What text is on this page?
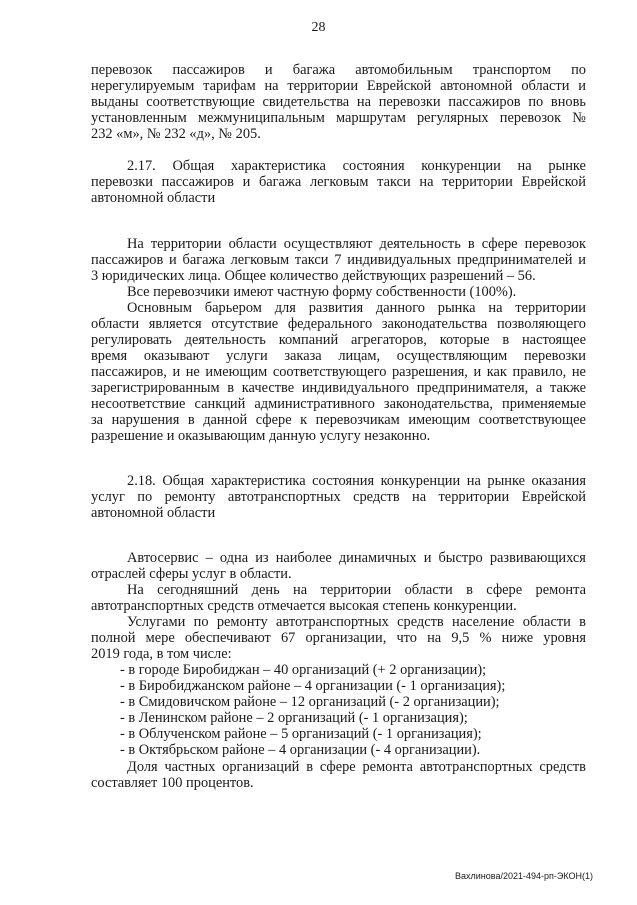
28
перевозок пассажиров и багажа автомобильным транспортом по
нерегулируемым тарифам на территории Еврейской автономной области и
выданы соответствующие свидетельства на перевозки пассажиров по вновь
установленным межмуниципальным маршрутам регулярных перевозок №
232 «м», № 232 «д», № 205.
2.17. Общая характеристика состояния конкуренции на рынке
перевозки пассажиров и багажа легковым такси на территории Еврейской
автономной области
На территории области осуществляют деятельность в сфере перевозок
пассажиров и багажа легковым такси 7 индивидуальных предпринимателей и
3 юридических лица. Общее количество действующих разрешений – 56.
Все перевозчики имеют частную форму собственности (100%).
Основным барьером для развития данного рынка на территории
области является отсутствие федерального законодательства позволяющего
регулировать деятельность компаний агрегаторов, которые в настоящее
время оказывают услуги заказа лицам, осуществляющим перевозки
пассажиров, и не имеющим соответствующего разрешения, и как правило, не
зарегистрированным в качестве индивидуального предпринимателя, а также
несоответствие санкций административного законодательства, применяемые
за нарушения в данной сфере к перевозчикам имеющим соответствующее
разрешение и оказывающим данную услугу незаконно.
2.18. Общая характеристика состояния конкуренции на рынке оказания
услуг по ремонту автотранспортных средств на территории Еврейской
автономной области
Автосервис – одна из наиболее динамичных и быстро развивающихся
отраслей сферы услуг в области.
На сегодняшний день на территории области в сфере ремонта
автотранспортных средств отмечается высокая степень конкуренции.
Услугами по ремонту автотранспортных средств население области в
полной мере обеспечивают 67 организации, что на 9,5 % ниже уровня
2019 года, в том числе:
- в городе Биробиджан – 40 организаций (+ 2 организации);
- в Биробиджанском районе – 4 организации (- 1 организация);
- в Смидовичском районе – 12 организаций (- 2 организации);
- в Ленинском районе – 2 организаций (- 1 организация);
- в Облученском районе – 5 организаций (- 1 организация);
- в Октябрьском районе – 4 организации (- 4 организации).
Доля частных организаций в сфере ремонта автотранспортных средств
составляет 100 процентов.
Вахлинова/2021-494-рп-ЭКОН(1)
